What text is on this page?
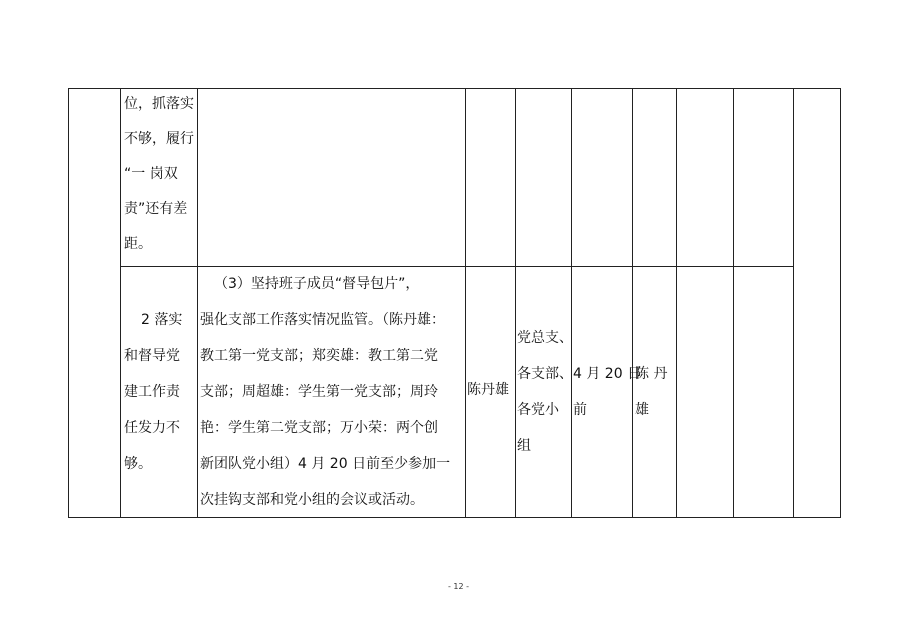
位，抓落实
不够，履行
“一 岗双
责”还有差
距。
2 落实
和督导党
建工作责
任发力不
够。
（3）坚持班子成员“督导包片”，
强化支部工作落实情况监管。（陈丹雄：
教工第一党支部；郑奕雄：教工第二党
支部；周超雄：学生第一党支部；周玲
艳：学生第二党支部；万小荣：两个创
新团队党小组）4 月 20 日前至少参加一
次挂钩支部和党小组的会议或活动。
陈丹雄
党总支、
各支部、
各党小
组
4 月 20 日
前
陈 丹
雄
- 12 -
